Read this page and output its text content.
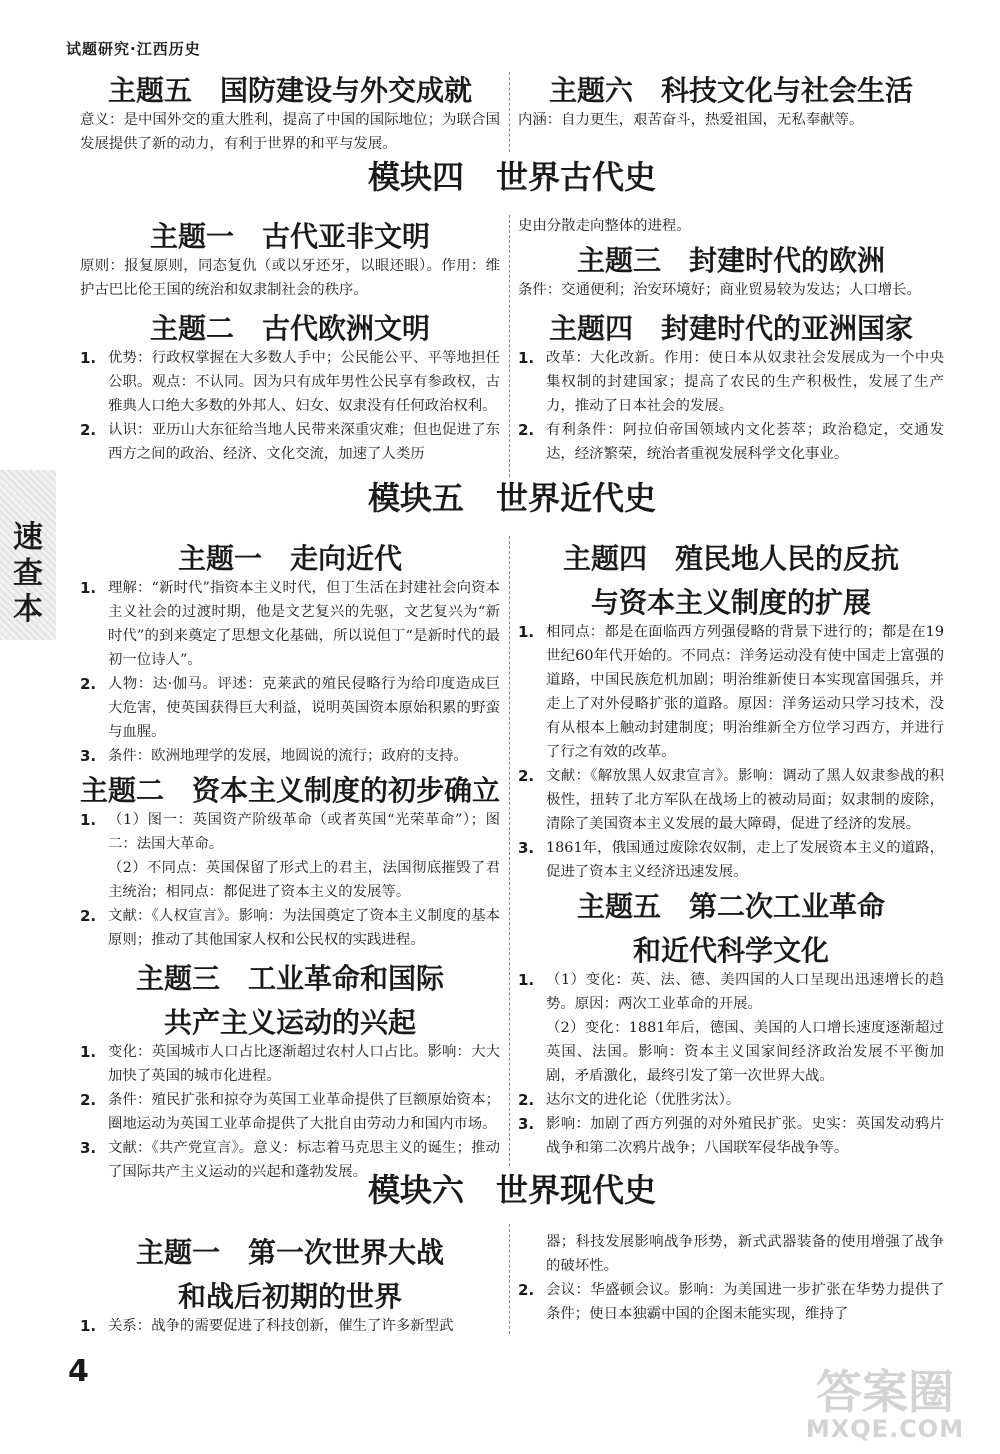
试题研究·江西历史
速查本
4	答案圈
MXQE.COM
主题五　国防建设与外交成就
意义：是中国外交的重大胜利，提高了中国的国际地位；为联合国发展提供了新的动力，有利于世界的和平与发展。
主题六　科技文化与社会生活
内涵：自力更生，艰苦奋斗，热爱祖国，无私奉献等。
模块四　世界古代史
主题一　古代亚非文明
原则：报复原则，同态复仇（或以牙还牙，以眼还眼）。作用：维护古巴比伦王国的统治和奴隶制社会的秩序。
主题二　古代欧洲文明
1. 优势：行政权掌握在大多数人手中；公民能公平、平等地担任公职。观点：不认同。因为只有成年男性公民享有参政权，古雅典人口绝大多数的外邦人、妇女、奴隶没有任何政治权利。
2. 认识：亚历山大东征给当地人民带来深重灾难；但也促进了东西方之间的政治、经济、文化交流，加速了人类历
史由分散走向整体的进程。
主题三　封建时代的欧洲
条件：交通便利；治安环境好；商业贸易较为发达；人口增长。
主题四　封建时代的亚洲国家
1. 改革：大化改新。作用：使日本从奴隶社会发展成为一个中央集权制的封建国家；提高了农民的生产积极性，发展了生产力，推动了日本社会的发展。
2. 有利条件：阿拉伯帝国领域内文化荟萃；政治稳定，交通发达，经济繁荣，统治者重视发展科学文化事业。
模块五　世界近代史
主题一　走向近代
1. 理解：“新时代”指资本主义时代，但丁生活在封建社会向资本主义社会的过渡时期，他是文艺复兴的先驱，文艺复兴为“新时代”的到来奠定了思想文化基础，所以说但丁“是新时代的最初一位诗人”。
2. 人物：达·伽马。评述：克莱武的殖民侵略行为给印度造成巨大危害，使英国获得巨大利益，说明英国资本原始积累的野蛮与血腥。
3. 条件：欧洲地理学的发展，地圆说的流行；政府的支持。
主题二　资本主义制度的初步确立
1. （1）图一：英国资产阶级革命（或者英国“光荣革命”）；图二：法国大革命。
（2）不同点：英国保留了形式上的君主，法国彻底摧毁了君主统治；相同点：都促进了资本主义的发展等。
2. 文献：《人权宣言》。影响：为法国奠定了资本主义制度的基本原则；推动了其他国家人权和公民权的实践进程。
主题三　工业革命和国际
共产主义运动的兴起
1. 变化：英国城市人口占比逐渐超过农村人口占比。影响：大大加快了英国的城市化进程。
2. 条件：殖民扩张和掠夺为英国工业革命提供了巨额原始资本；圈地运动为英国工业革命提供了大批自由劳动力和国内市场。
3. 文献：《共产党宣言》。意义：标志着马克思主义的诞生；推动了国际共产主义运动的兴起和蓬勃发展。
主题四　殖民地人民的反抗
与资本主义制度的扩展
1. 相同点：都是在面临西方列强侵略的背景下进行的；都是在19世纪60年代开始的。不同点：洋务运动没有使中国走上富强的道路，中国民族危机加剧；明治维新使日本实现富国强兵，并走上了对外侵略扩张的道路。原因：洋务运动只学习技术，没有从根本上触动封建制度；明治维新全方位学习西方，并进行了行之有效的改革。
2. 文献：《解放黑人奴隶宣言》。影响：调动了黑人奴隶参战的积极性，扭转了北方军队在战场上的被动局面；奴隶制的废除，清除了美国资本主义发展的最大障碍，促进了经济的发展。
3. 1861年，俄国通过废除农奴制，走上了发展资本主义的道路，促进了资本主义经济迅速发展。
主题五　第二次工业革命
和近代科学文化
1. （1）变化：英、法、德、美四国的人口呈现出迅速增长的趋势。原因：两次工业革命的开展。
（2）变化：1881年后，德国、美国的人口增长速度逐渐超过英国、法国。影响：资本主义国家间经济政治发展不平衡加剧，矛盾激化，最终引发了第一次世界大战。
2. 达尔文的进化论（优胜劣汰）。
3. 影响：加剧了西方列强的对外殖民扩张。史实：英国发动鸦片战争和第二次鸦片战争；八国联军侵华战争等。
模块六　世界现代史
主题一　第一次世界大战
和战后初期的世界
1. 关系：战争的需要促进了科技创新，催生了许多新型武
器；科技发展影响战争形势，新式武器装备的使用增强了战争的破坏性。
2. 会议：华盛顿会议。影响：为美国进一步扩张在华势力提供了条件；使日本独霸中国的企图未能实现，维持了
